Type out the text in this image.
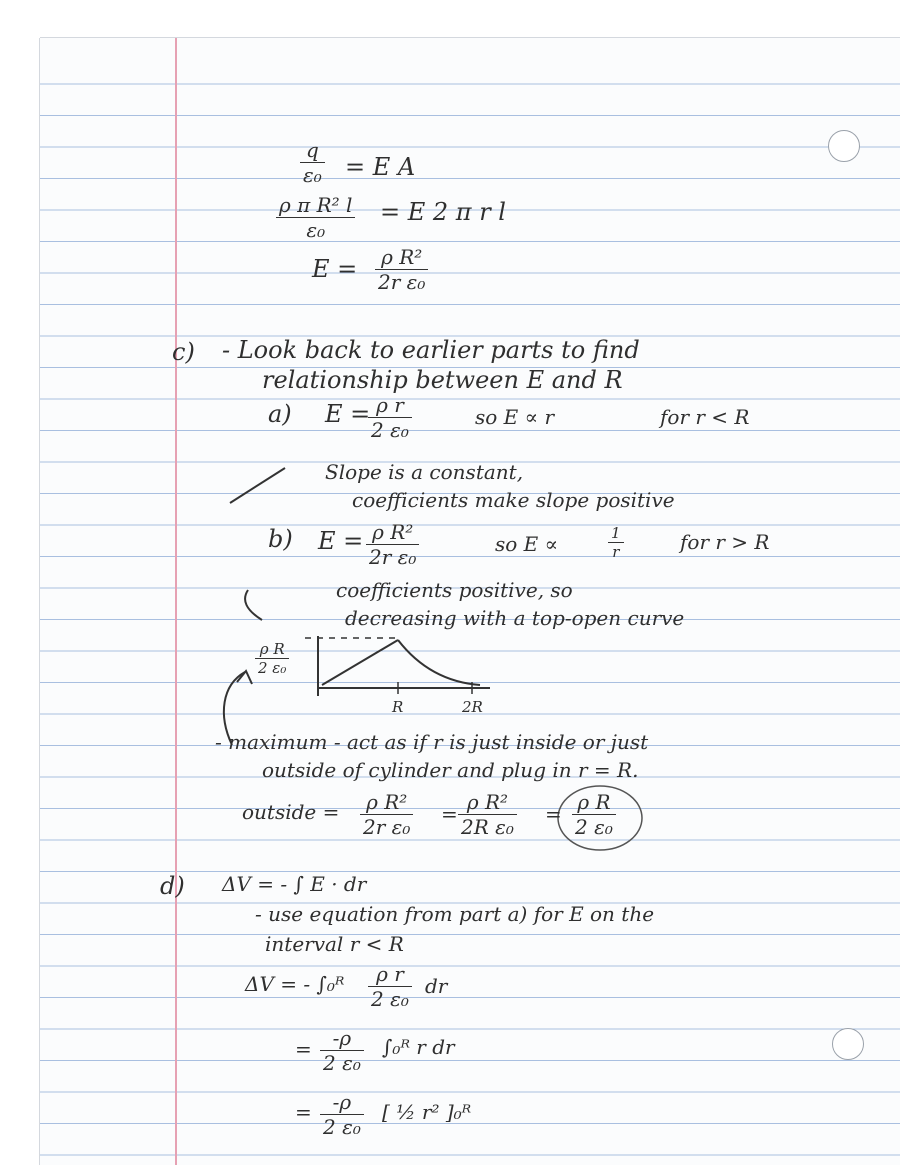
$\frac{q}{\text{ε₀}} = E$ A
$\frac{\text{ρ π R² l}}{\text{ε₀}} = E$ 2 π r l
$E = \frac{\text{ρ R²}}{\text{2r ε₀}}$
c) - Look back to earlier parts to find
relationship between E and R
a) E =
$\frac{\text{ρ r}}{\text{2 ε₀}}$	so E ∝ r	for r < R
Slope is a constant,
coefficients make slope positive
b) $E = \frac{\text{ρ R²}}{\text{2r ε₀}}$	so E ∝	$\frac{1}{r}$	for r > R
coefficients positive, so
decreasing with a top-open curve
$\frac{\text{ρ R}}{\text{2 ε₀}}$
R	2R
- maximum - act as if r is just inside or just
outside of cylinder and plug in r = R.
outside = $\frac{\text{ρ R²}}{\text{2r ε₀}} = \frac{\text{ρ R²}}{\text{2R ε₀}} = \frac{\text{ρ R}}{\text{2 ε₀}}$
d) ΔV = - ∫ E · dr
- use equation from part a) for E on the
interval r < R
ΔV = - ∫₀ᴿ $\frac{\text{ρ r}}{\text{2 ε₀}}$ dr
= $\frac{-\rho}{\text{2 ε₀}}$ ∫₀ᴿ r dr
= $\frac{-\rho}{\text{2 ε₀}}$ [ ½ r² ]₀ᴿ
